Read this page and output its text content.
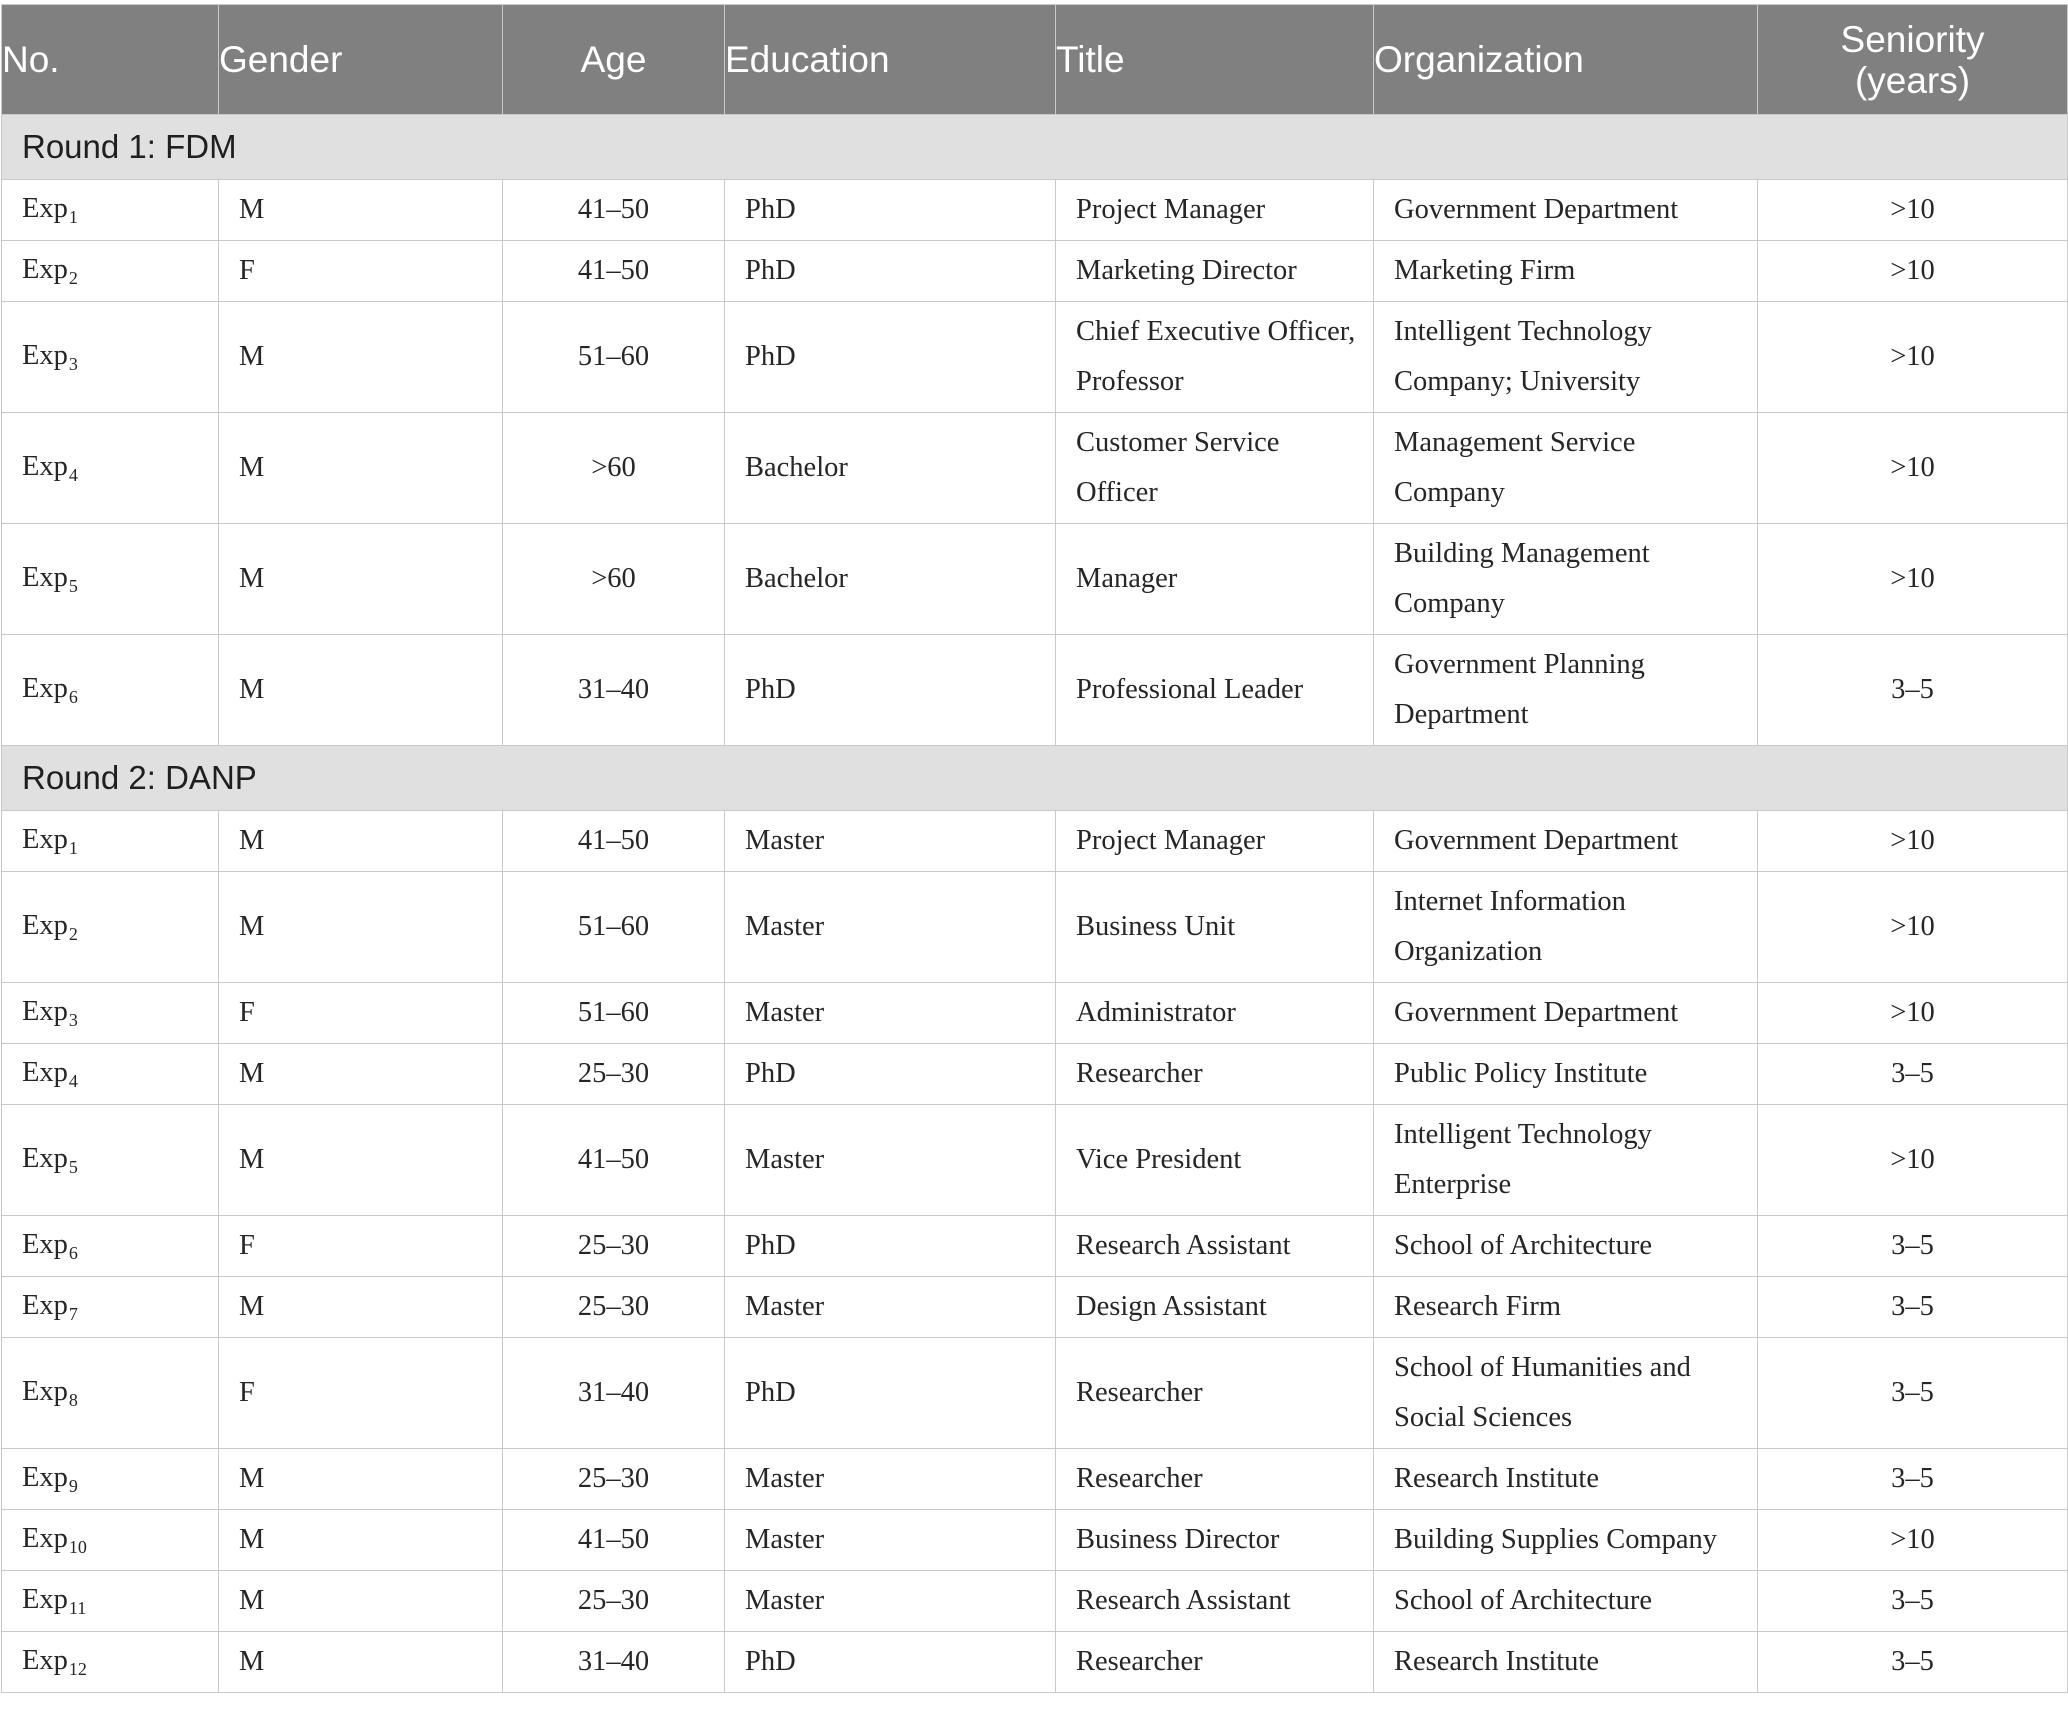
No.	Gender	Age	Education	Title	Organization	Seniority
(years)
Round 1: FDM						
Exp$_1$	M	41–50	PhD	Project Manager	Government Department	>10
Exp$_2$	F	41–50	PhD	Marketing Director	Marketing Firm	>10
Exp$_3$	M	51–60	PhD	Chief Executive Officer, Professor	Intelligent Technology Company; University	>10
Exp$_4$	M	>60	Bachelor	Customer Service Officer	Management Service Company	>10
Exp$_5$	M	>60	Bachelor	Manager	Building Management Company	>10
Exp$_6$	M	31–40	PhD	Professional Leader	Government Planning Department	3–5
Round 2: DANP						
Exp$_1$	M	41–50	Master	Project Manager	Government Department	>10
Exp$_2$	M	51–60	Master	Business Unit	Internet Information Organization	>10
Exp$_3$	F	51–60	Master	Administrator	Government Department	>10
Exp$_4$	M	25–30	PhD	Researcher	Public Policy Institute	3–5
Exp$_5$	M	41–50	Master	Vice President	Intelligent Technology Enterprise	>10
Exp$_6$	F	25–30	PhD	Research Assistant	School of Architecture	3–5
Exp$_7$	M	25–30	Master	Design Assistant	Research Firm	3–5
Exp$_8$	F	31–40	PhD	Researcher	School of Humanities and Social Sciences	3–5
Exp$_9$	M	25–30	Master	Researcher	Research Institute	3–5
Exp$_{10}$	M	41–50	Master	Business Director	Building Supplies Company	>10
Exp$_{11}$	M	25–30	Master	Research Assistant	School of Architecture	3–5
Exp$_{12}$	M	31–40	PhD	Researcher	Research Institute	3–5
